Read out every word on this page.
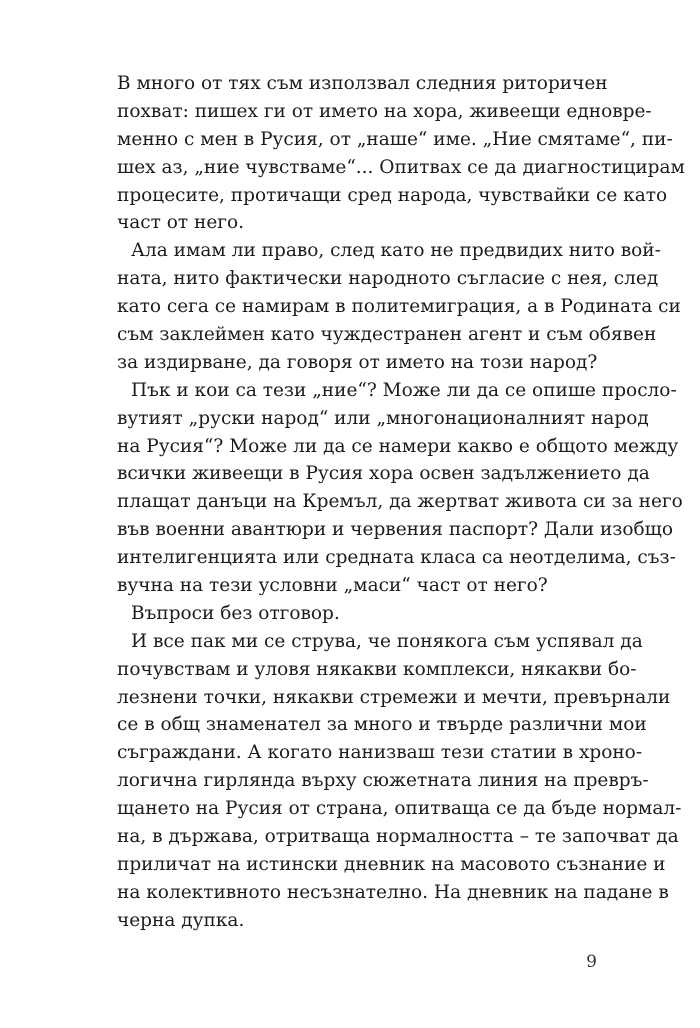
В много от тях съм използвал следния риторичен
похват: пишех ги от името на хора, живеещи едновре-
менно с мен в Русия, от „наше“ име. „Ние смятаме“, пи-
шех аз, „ние чувстваме“... Опитвах се да диагностицирам
процесите, протичащи сред народа, чувствайки се като
част от него.
Ала имам ли право, след като не предвидих нито вой-
ната, нито фактически народното съгласие с нея, след
като сега се намирам в политемиграция, а в Родината си
съм заклеймен като чуждестранен агент и съм обявен
за издирване, да говоря от името на този народ?
Пък и кои са тези „ние“? Може ли да се опише просло-
вутият „руски народ“ или „многонационалният народ
на Русия“? Може ли да се намери какво е общото между
всички живеещи в Русия хора освен задължението да
плащат данъци на Кремъл, да жертват живота си за него
във военни авантюри и червения паспорт? Дали изобщо
интелигенцията или средната класа са неотделима, съз-
вучна на тези условни „маси“ част от него?
Въпроси без отговор.
И все пак ми се струва, че понякога съм успявал да
почувствам и уловя някакви комплекси, някакви бо-
лезнени точки, някакви стремежи и мечти, превърнали
се в общ знаменател за много и твърде различни мои
съграждани. А когато нанизваш тези статии в хроно-
логична гирлянда върху сюжетната линия на превръ-
щането на Русия от страна, опитваща се да бъде нормал-
на, в държава, отритваща нормалността – те започват да
приличат на истински дневник на масовото съзнание и
на колективното несъзнателно. На дневник на падане в
черна дупка.
9
